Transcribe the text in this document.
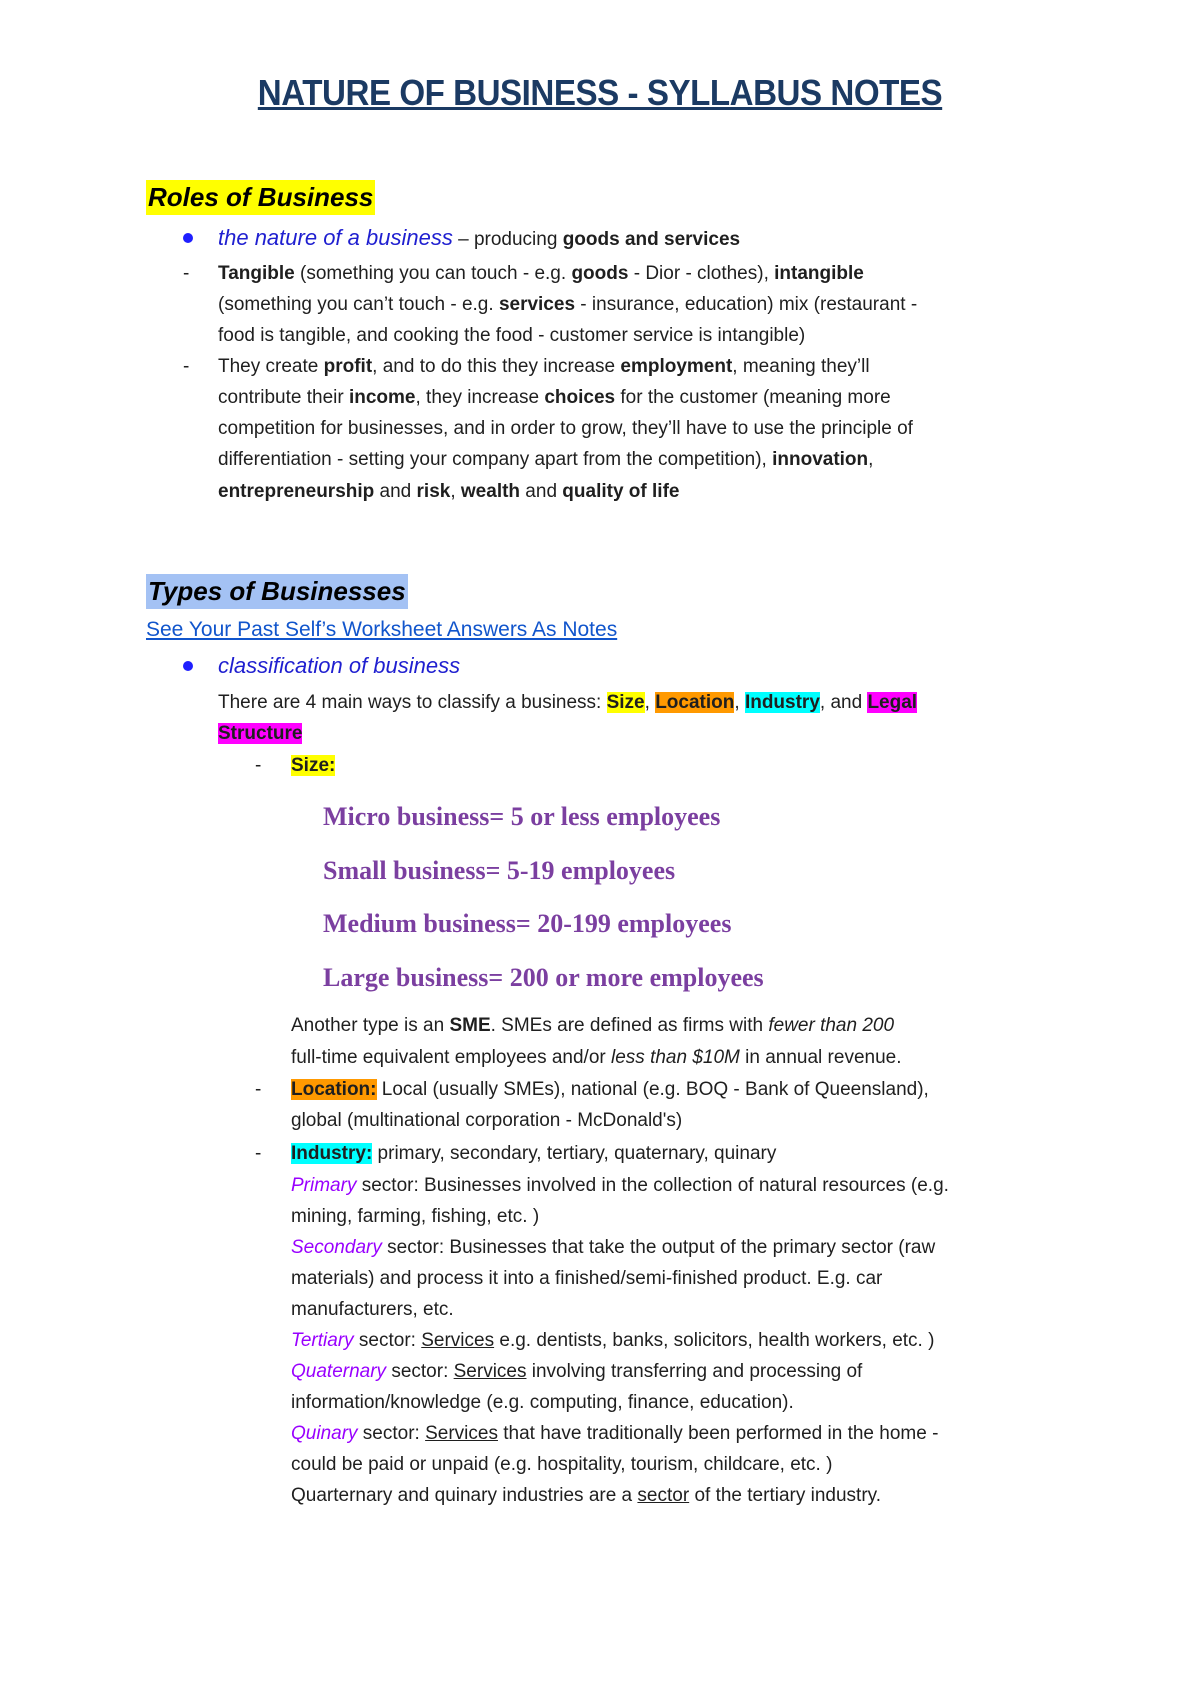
NATURE OF BUSINESS - SYLLABUS NOTES
Roles of Business
the nature of a business – producing goods and services
- Tangible (something you can touch - e.g. goods - Dior - clothes), intangible
(something you can’t touch - e.g. services - insurance, education) mix (restaurant -
food is tangible, and cooking the food - customer service is intangible)
- They create profit, and to do this they increase employment, meaning they’ll
contribute their income, they increase choices for the customer (meaning more
competition for businesses, and in order to grow, they’ll have to use the principle of
differentiation - setting your company apart from the competition), innovation,
entrepreneurship and risk, wealth and quality of life
Types of Businesses
See Your Past Self’s Worksheet Answers As Notes
classification of business
There are 4 main ways to classify a business: Size, Location, Industry, and Legal
Structure
- Size:
Micro business= 5 or less employees
Small business= 5-19 employees
Medium business= 20-199 employees
Large business= 200 or more employees
Another type is an SME. SMEs are defined as firms with fewer than 200
full-time equivalent employees and/or less than $10M in annual revenue.
- Location: Local (usually SMEs), national (e.g. BOQ - Bank of Queensland),
global (multinational corporation - McDonald's)
- Industry: primary, secondary, tertiary, quaternary, quinary
Primary sector: Businesses involved in the collection of natural resources (e.g.
mining, farming, fishing, etc. )
Secondary sector: Businesses that take the output of the primary sector (raw
materials) and process it into a finished/semi-finished product. E.g. car
manufacturers, etc.
Tertiary sector: Services e.g. dentists, banks, solicitors, health workers, etc. )
Quaternary sector: Services involving transferring and processing of
information/knowledge (e.g. computing, finance, education).
Quinary sector: Services that have traditionally been performed in the home -
could be paid or unpaid (e.g. hospitality, tourism, childcare, etc. )
Quarternary and quinary industries are a sector of the tertiary industry.
